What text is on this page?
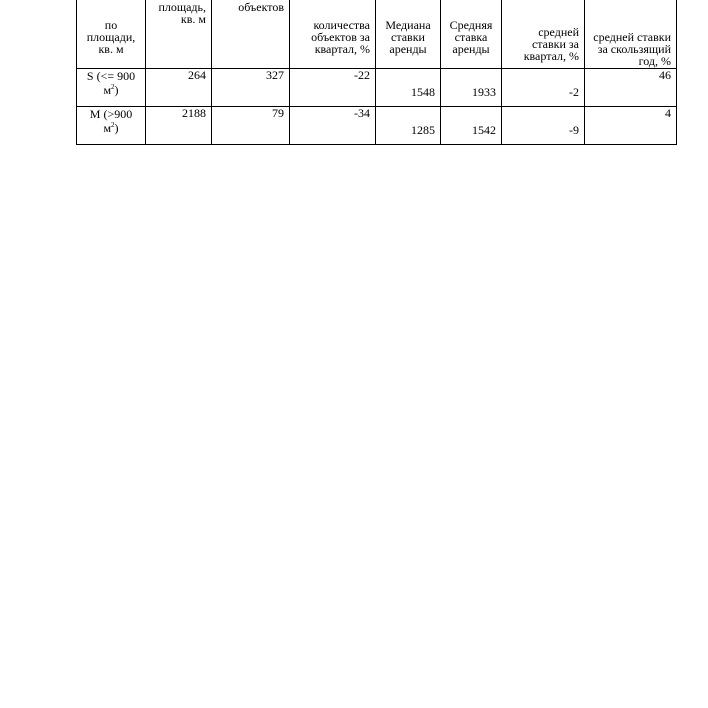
по площади, кв. м	площадь, кв. м	объектов	количества объектов за квартал, %	Медиана ставки аренды	Средняя ставка аренды	средней ставки за квартал, %	средней ставки за скользящий год, %
S (<= 900 $м^2$)	264	327	-22	1548	1933	-2	46
M (>900 $м^2$)	2188	79	-34	1285	1542	-9	4
